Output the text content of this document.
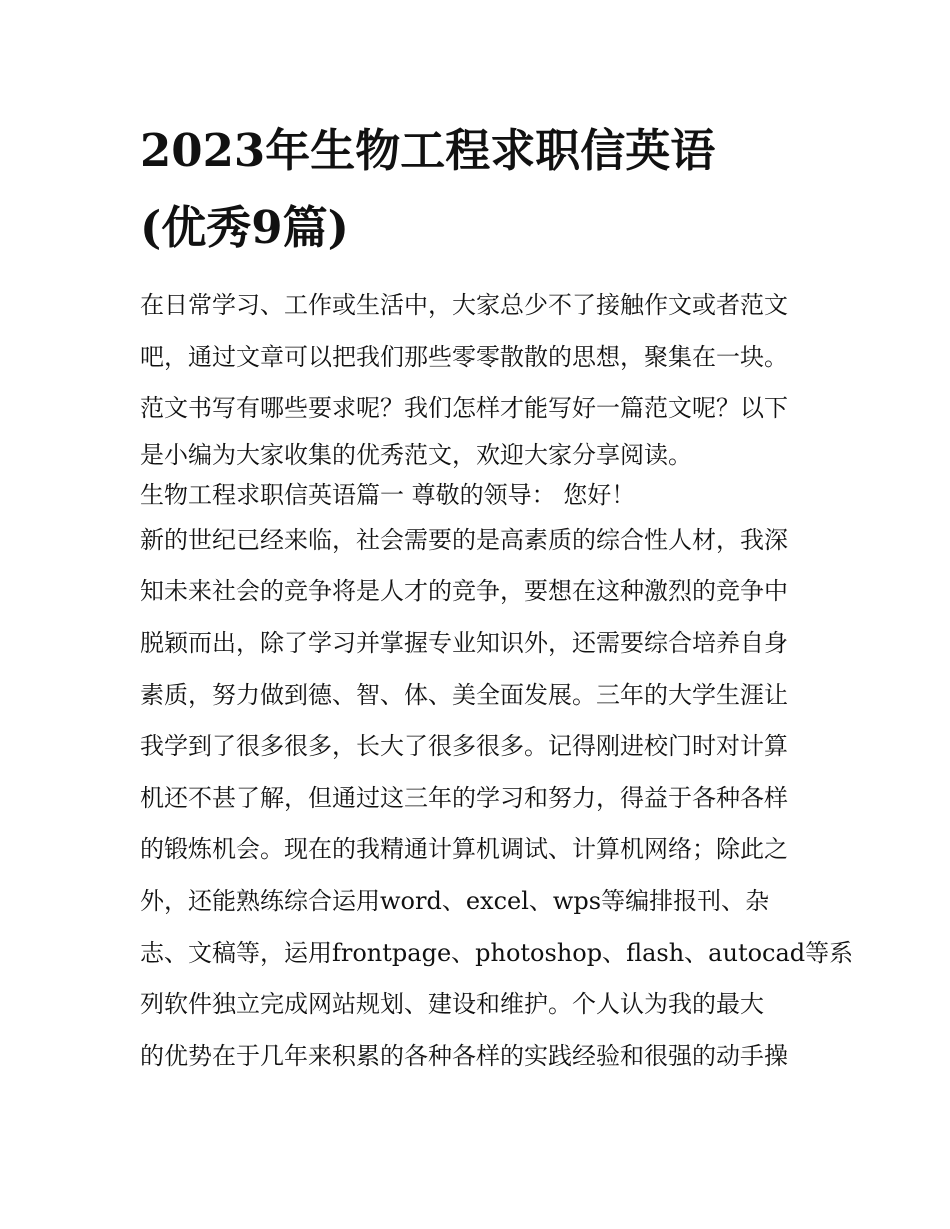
2023年生物工程求职信英语
(优秀9篇)
在日常学习、工作或生活中，大家总少不了接触作文或者范文
吧，通过文章可以把我们那些零零散散的思想，聚集在一块。
范文书写有哪些要求呢？我们怎样才能写好一篇范文呢？以下
是小编为大家收集的优秀范文，欢迎大家分享阅读。
生物工程求职信英语篇一 尊敬的领导： 您好！
新的世纪已经来临，社会需要的是高素质的综合性人材，我深
知未来社会的竞争将是人才的竞争，要想在这种激烈的竞争中
脱颖而出，除了学习并掌握专业知识外，还需要综合培养自身
素质，努力做到德、智、体、美全面发展。三年的大学生涯让
我学到了很多很多，长大了很多很多。记得刚进校门时对计算
机还不甚了解，但通过这三年的学习和努力，得益于各种各样
的锻炼机会。现在的我精通计算机调试、计算机网络；除此之
外，还能熟练综合运用word、excel、wps等编排报刊、杂
志、文稿等，运用frontpage、photoshop、flash、autocad等系
列软件独立完成网站规划、建设和维护。个人认为我的最大
的优势在于几年来积累的各种各样的实践经验和很强的动手操
